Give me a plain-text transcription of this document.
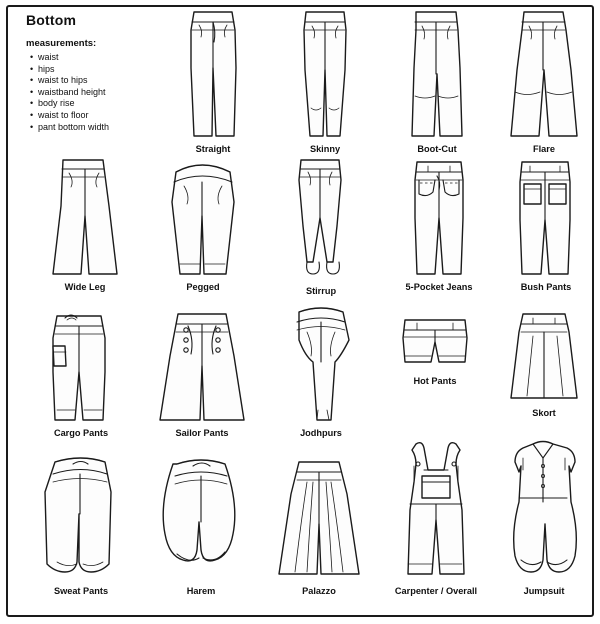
Bottom
measurements:
• waist
• hips
• waist to hips
• waistband height
• body rise
• waist to floor
• pant bottom width
Straight	Skinny	Boot-Cut	Flare
Wide Leg	Pegged	Stirrup	5-Pocket Jeans	Bush Pants
Cargo Pants	Sailor Pants	Jodhpurs
Hot Pants
Skort
Sweat Pants	Harem	Palazzo	Carpenter / Overall	Jumpsuit
